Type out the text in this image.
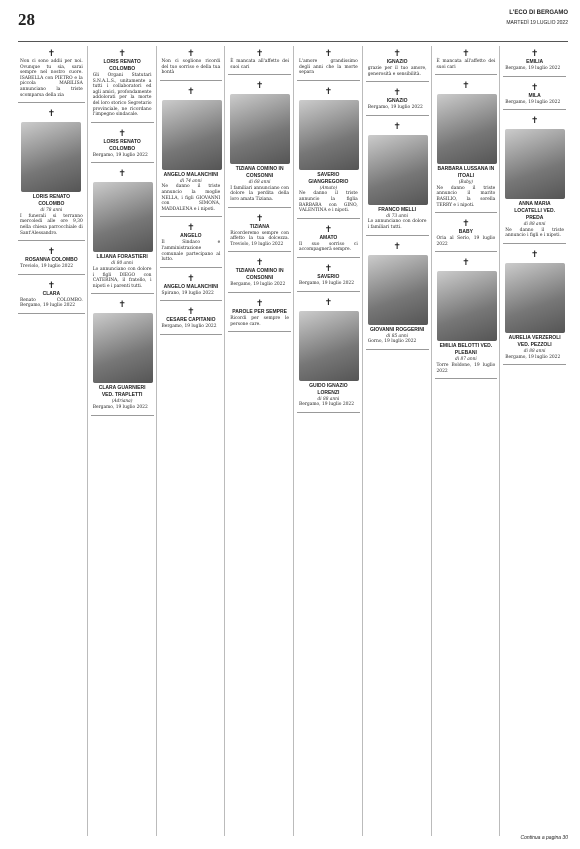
28	L'ECO DI BERGAMO
MARTEDÌ 19 LUGLIO 2022
✝
Non ci sono addii per noi. Ovunque tu sia, sarai sempre nel nostro cuore. ISABELLA con PIETRO e la piccola MARILISA annunciano la triste scomparsa della zia
✝
LORIS RENATO COLOMBO
di 78 anni
I funerali si terranno mercoledì alle ore 9,30 nella chiesa parrocchiale di Sant'Alessandro.
✝
ROSANNA COLOMBO
Treviolo, 19 luglio 2022
✝
CLARA
Renato COLOMBO. Bergamo, 19 luglio 2022
✝
LORIS RENATO COLOMBO
Gli Organi Statutari S.N.A.L.S., unitamente a tutti i collaboratori ed agli amici, profondamente addolorati per la morte del loro storico Segretario provinciale, ne ricordano l'impegno sindacale.
✝
LORIS RENATO COLOMBO
Bergamo, 19 luglio 2022
✝
LILIANA FORASTIERI
di 80 anni
Lo annunciano con dolore i figli DIEGO con CATERINA, il fratello, i nipoti e i parenti tutti.
✝
CLARA GUARNIERI VED. TRAPLETTI
(Adriana)
Bergamo, 19 luglio 2022
✝
Non ci sogliono ricordi del tuo sorriso e della tua bontà
✝
ANGELO MALANCHINI
di 74 anni
Ne danno il triste annuncio la moglie NELLA, i figli GIOVANNI con SIMONA, MADDALENA e i nipoti.
✝
ANGELO
Il Sindaco e l'amministrazione comunale partecipano al lutto.
✝
ANGELO MALANCHINI
Spirano, 19 luglio 2022
✝
CESARE CAPITANIO
Bergamo, 19 luglio 2022
✝
È mancata all'affetto dei suoi cari
✝
TIZIANA COMINO IN CONSONNI
di 68 anni
I familiari annunciano con dolore la perdita della loro amata Tiziana.
✝
TIZIANA
Ricorderemo sempre con affetto la tua dolcezza. Treviolo, 19 luglio 2022
✝
TIZIANA COMINO IN CONSONNI
Bergamo, 19 luglio 2022
✝
PAROLE PER SEMPRE
Ricordi per sempre le persone care.
✝
L'amore grandissimo degli anni che la morte separa
✝
SAVERIO GIANGREGORIO
(Amato)
Ne danno il triste annuncio la figlia BARBARA con GINO, VALENTINA e i nipoti.
✝
AMATO
Il suo sorriso ci accompagnerà sempre.
✝
SAVERIO
Bergamo, 19 luglio 2022
✝
GUIDO IGNAZIO LORENZI
di 88 anni
Bergamo, 19 luglio 2022
✝
IGNAZIO
grazie per il tuo amore, generosità e sensibilità.
✝
IGNAZIO
Bergamo, 19 luglio 2022
✝
FRANCO MELLI
di 73 anni
Lo annunciano con dolore i familiari tutti.
✝
GIOVANNI ROGGERINI
di 85 anni
Gorno, 19 luglio 2022
✝
È mancata all'affetto dei suoi cari
✝
BARBARA LUSSANA IN ITOALI
(Baby)
Ne danno il triste annuncio il marito BASILIO, la sorella TERRY e i nipoti.
✝
BABY
Oria al Serio, 19 luglio 2022
✝
EMILIA BELOTTI VED. PLEBANI
di 87 anni
Torre Boldone, 19 luglio 2022
✝
EMILIA
Bergamo, 19 luglio 2022
✝
MILA
Bergamo, 19 luglio 2022
✝
ANNA MARIA LOCATELLI VED. PREDA
di 88 anni
Ne danno il triste annuncio i figli e i nipoti.
✝
AURELIA VERZEROLI VED. PEZZOLI
di 88 anni
Bergamo, 19 luglio 2022
Continua a pagina 30
